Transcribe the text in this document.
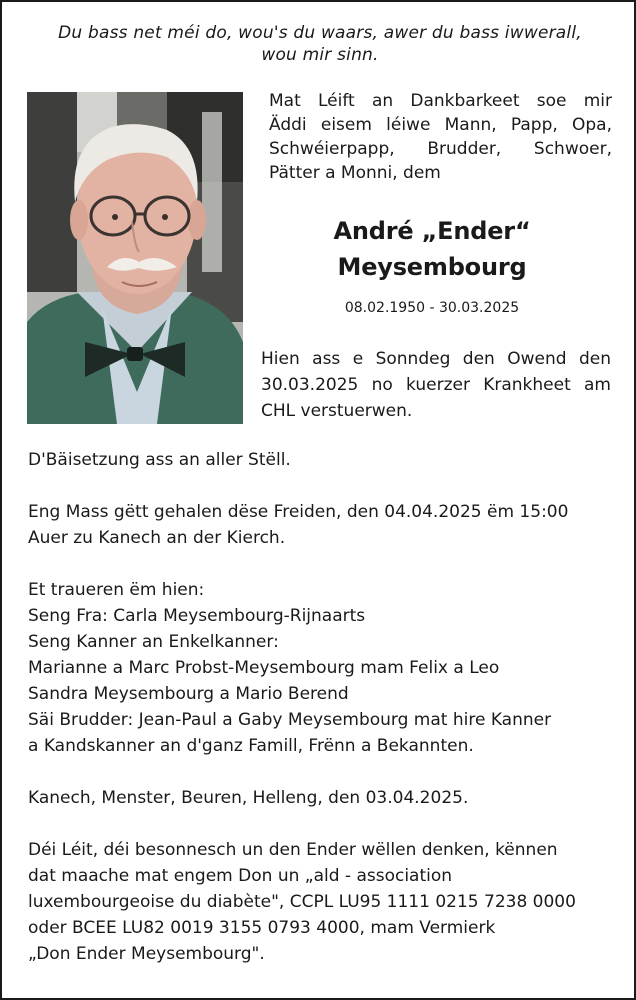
Du bass net méi do, wou's du waars, awer du bass iwwerall,
wou mir sinn.

Mat Léift an Dankbarkeet soe mir
Äddi eisem léiwe Mann, Papp, Opa,
Schwéierpapp, Brudder, Schwoer,
Pätter a Monni, dem

André „Ender“
Meysembourg

08.02.1950 - 30.03.2025

Hien ass e Sonndeg den Owend den
30.03.2025 no kuerzer Krankheet am
CHL verstuerwen.

D'Bäisetzung ass an aller Stëll.

Eng Mass gëtt gehalen dëse Freiden, den 04.04.2025 ëm 15:00
Auer zu Kanech an der Kierch.

Et traueren ëm hien:
Seng Fra: Carla Meysembourg-Rijnaarts
Seng Kanner an Enkelkanner:
Marianne a Marc Probst-Meysembourg mam Felix a Leo
Sandra Meysembourg a Mario Berend
Säi Brudder: Jean-Paul a Gaby Meysembourg mat hire Kanner
a Kandskanner an d'ganz Famill, Frënn a Bekannten.

Kanech, Menster, Beuren, Helleng, den 03.04.2025.

Déi Léit, déi besonnesch un den Ender wëllen denken, kënnen
dat maache mat engem Don un „ald - association
luxembourgeoise du diabète", CCPL LU95 1111 0215 7238 0000
oder BCEE LU82 0019 3155 0793 4000, mam Vermierk
„Don Ender Meysembourg".
